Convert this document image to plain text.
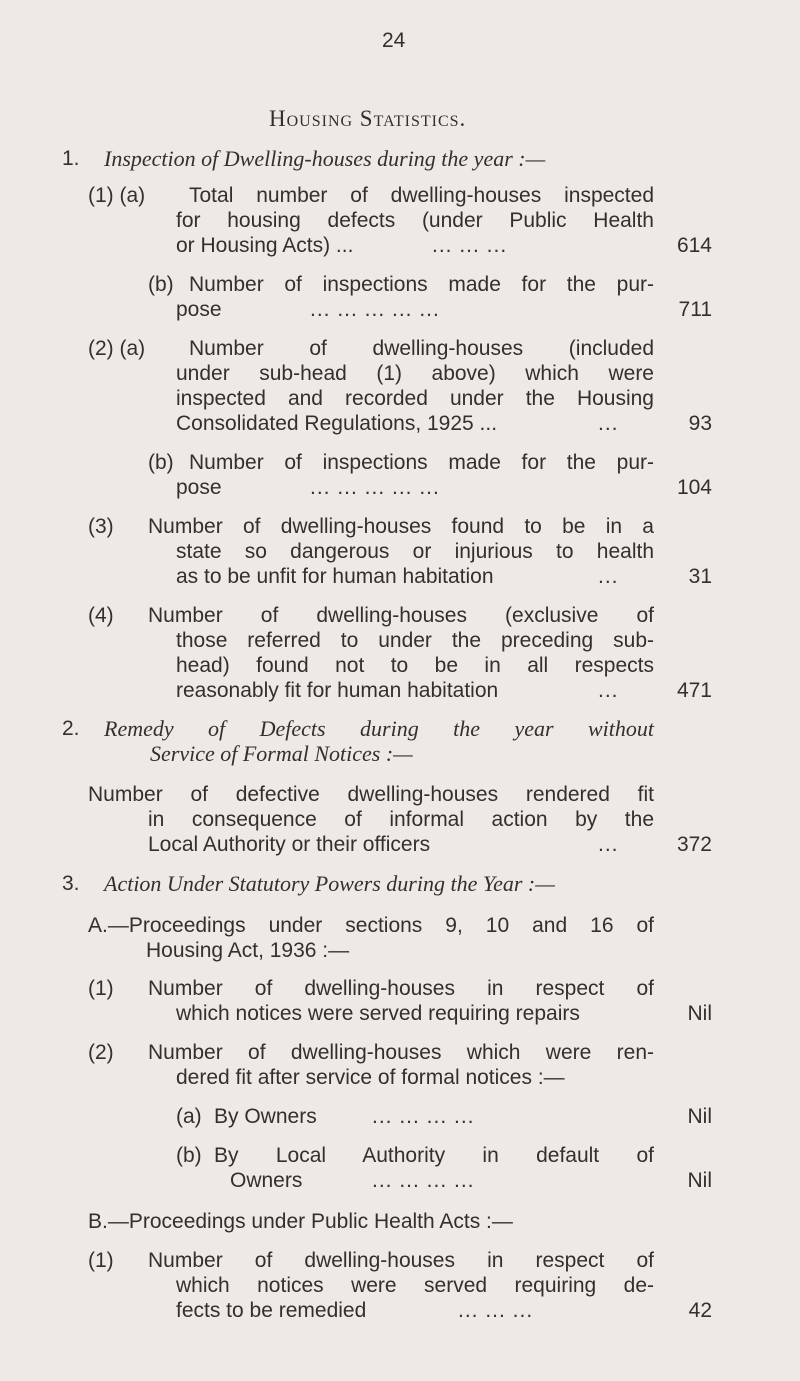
24
Housing Statistics.
1. Inspection of Dwelling-houses during the year :—
(1) (a) Total number of dwelling-houses inspected
for housing defects (under Public Health
or Housing Acts) ...	... ... ...	614
(b) Number of inspections made for the pur-
pose	... ... ... ... ...	711
(2) (a) Number of dwelling-houses (included
under sub-head (1) above) which were
inspected and recorded under the Housing
Consolidated Regulations, 1925 ...	...	93
(b) Number of inspections made for the pur-
pose	... ... ... ... ...	104
(3) Number of dwelling-houses found to be in a
state so dangerous or injurious to health
as to be unfit for human habitation	...	31
(4) Number of dwelling-houses (exclusive of
those referred to under the preceding sub-
head) found not to be in all respects
reasonably fit for human habitation	...	471
2. Remedy of Defects during the year without
Service of Formal Notices :—
Number of defective dwelling-houses rendered fit
in consequence of informal action by the
Local Authority or their officers	...	372
3. Action Under Statutory Powers during the Year :—
A.—Proceedings under sections 9, 10 and 16 of
Housing Act, 1936 :—
(1) Number of dwelling-houses in respect of
which notices were served requiring repairs	Nil
(2) Number of dwelling-houses which were ren-
dered fit after service of formal notices :—
(a) By Owners	... ... ... ...	Nil
(b) By Local Authority in default of
Owners	... ... ... ...	Nil
B.—Proceedings under Public Health Acts :—
(1) Number of dwelling-houses in respect of
which notices were served requiring de-
fects to be remedied	... ... ...	42
